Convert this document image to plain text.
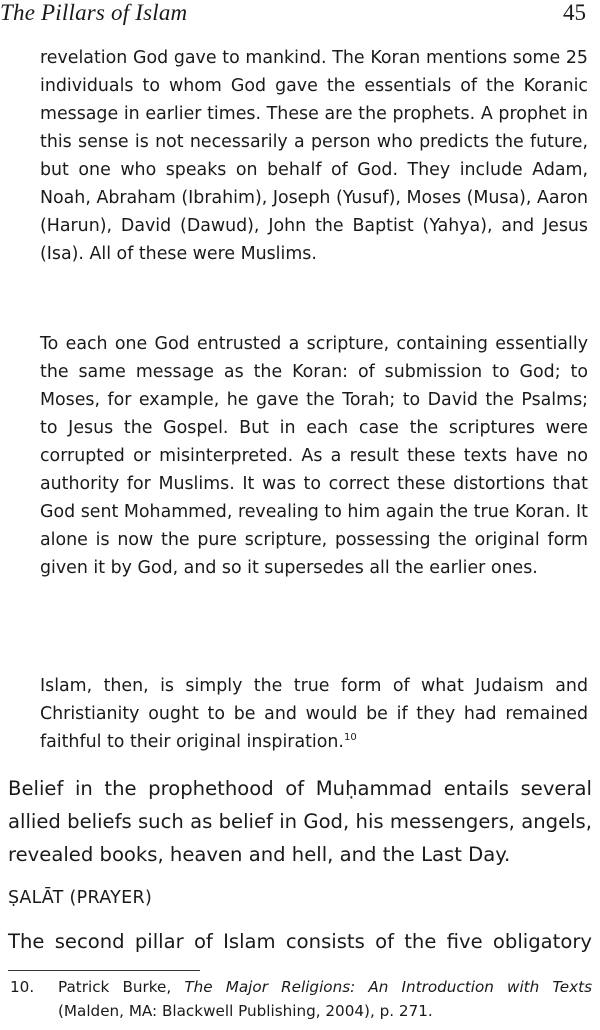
The Pillars of Islam	45

revelation God gave to mankind. The Koran mentions some 25 individuals to whom God gave the essentials of the Koranic message in earlier times. These are the prophets. A prophet in this sense is not necessarily a person who predicts the future, but one who speaks on behalf of God. They include Adam, Noah, Abraham (Ibrahim), Joseph (Yusuf), Moses (Musa), Aaron (Harun), David (Dawud), John the Baptist (Yahya), and Jesus (Isa). All of these were Muslims.

To each one God entrusted a scripture, containing essentially the same message as the Koran: of submission to God; to Moses, for example, he gave the Torah; to David the Psalms; to Jesus the Gospel. But in each case the scriptures were corrupted or misinterpreted. As a result these texts have no authority for Muslims. It was to correct these distortions that God sent Mohammed, revealing to him again the true Koran. It alone is now the pure scripture, possessing the original form given it by God, and so it supersedes all the earlier ones.

Islam, then, is simply the true form of what Judaism and Christianity ought to be and would be if they had remained faithful to their original inspiration.$^{10}$

Belief in the prophethood of Muḥammad entails several allied beliefs such as belief in God, his messengers, angels, revealed books, heaven and hell, and the Last Day.

ṢALĀT (PRAYER)

The second pillar of Islam consists of the five obligatory

10. Patrick Burke, The Major Religions: An Introduction with Texts (Malden, MA: Blackwell Publishing, 2004), p. 271.
